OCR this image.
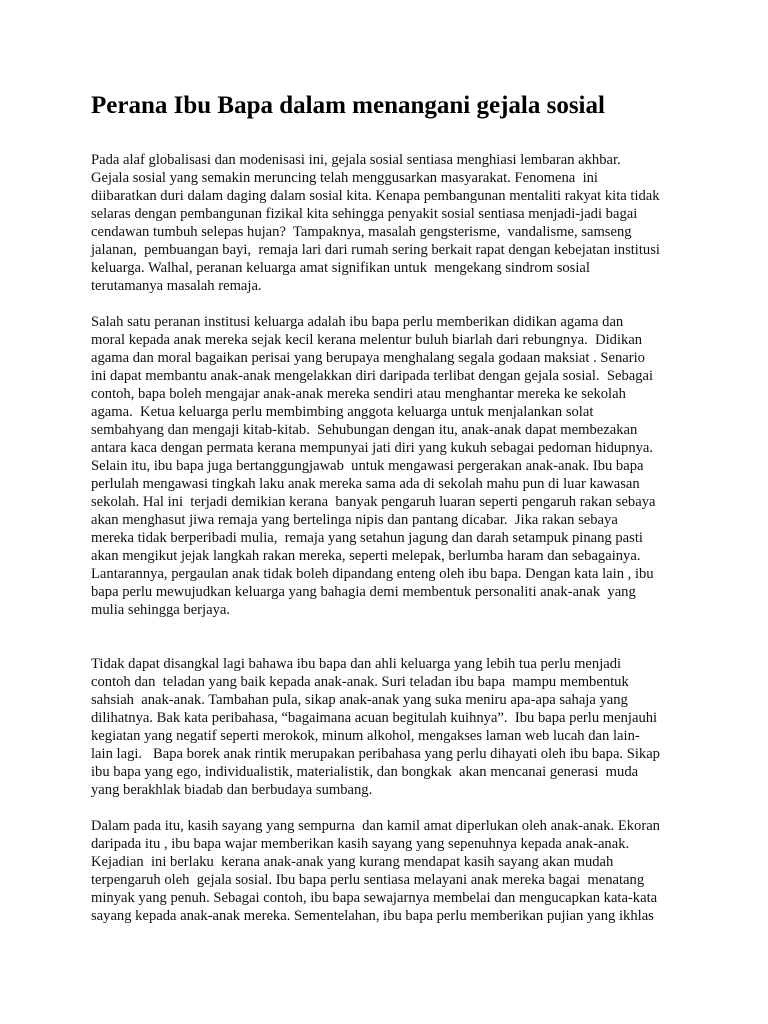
Perana Ibu Bapa dalam menangani gejala sosial
Pada alaf globalisasi dan modenisasi ini, gejala sosial sentiasa menghiasi lembaran akhbar.
Gejala sosial yang semakin meruncing telah menggusarkan masyarakat. Fenomena  ini
diibaratkan duri dalam daging dalam sosial kita. Kenapa pembangunan mentaliti rakyat kita tidak
selaras dengan pembangunan fizikal kita sehingga penyakit sosial sentiasa menjadi-jadi bagai
cendawan tumbuh selepas hujan?  Tampaknya, masalah gengsterisme,  vandalisme, samseng
jalanan,  pembuangan bayi,  remaja lari dari rumah sering berkait rapat dengan kebejatan institusi
keluarga. Walhal, peranan keluarga amat signifikan untuk  mengekang sindrom sosial
terutamanya masalah remaja.
Salah satu peranan institusi keluarga adalah ibu bapa perlu memberikan didikan agama dan
moral kepada anak mereka sejak kecil kerana melentur buluh biarlah dari rebungnya.  Didikan
agama dan moral bagaikan perisai yang berupaya menghalang segala godaan maksiat . Senario
ini dapat membantu anak-anak mengelakkan diri daripada terlibat dengan gejala sosial.  Sebagai
contoh, bapa boleh mengajar anak-anak mereka sendiri atau menghantar mereka ke sekolah
agama.  Ketua keluarga perlu membimbing anggota keluarga untuk menjalankan solat
sembahyang dan mengaji kitab-kitab.  Sehubungan dengan itu, anak-anak dapat membezakan
antara kaca dengan permata kerana mempunyai jati diri yang kukuh sebagai pedoman hidupnya.
Selain itu, ibu bapa juga bertanggungjawab  untuk mengawasi pergerakan anak-anak. Ibu bapa
perlulah mengawasi tingkah laku anak mereka sama ada di sekolah mahu pun di luar kawasan
sekolah. Hal ini  terjadi demikian kerana  banyak pengaruh luaran seperti pengaruh rakan sebaya
akan menghasut jiwa remaja yang bertelinga nipis dan pantang dicabar.  Jika rakan sebaya
mereka tidak berperibadi mulia,  remaja yang setahun jagung dan darah setampuk pinang pasti
akan mengikut jejak langkah rakan mereka, seperti melepak, berlumba haram dan sebagainya.
Lantarannya, pergaulan anak tidak boleh dipandang enteng oleh ibu bapa. Dengan kata lain , ibu
bapa perlu mewujudkan keluarga yang bahagia demi membentuk personaliti anak-anak  yang
mulia sehingga berjaya.
Tidak dapat disangkal lagi bahawa ibu bapa dan ahli keluarga yang lebih tua perlu menjadi
contoh dan  teladan yang baik kepada anak-anak. Suri teladan ibu bapa  mampu membentuk
sahsiah  anak-anak. Tambahan pula, sikap anak-anak yang suka meniru apa-apa sahaja yang
dilihatnya. Bak kata peribahasa, “bagaimana acuan begitulah kuihnya”.  Ibu bapa perlu menjauhi
kegiatan yang negatif seperti merokok, minum alkohol, mengakses laman web lucah dan lain-
lain lagi.   Bapa borek anak rintik merupakan peribahasa yang perlu dihayati oleh ibu bapa. Sikap
ibu bapa yang ego, individualistik, materialistik, dan bongkak  akan mencanai generasi  muda
yang berakhlak biadab dan berbudaya sumbang.
Dalam pada itu, kasih sayang yang sempurna  dan kamil amat diperlukan oleh anak-anak. Ekoran
daripada itu , ibu bapa wajar memberikan kasih sayang yang sepenuhnya kepada anak-anak.
Kejadian  ini berlaku  kerana anak-anak yang kurang mendapat kasih sayang akan mudah
terpengaruh oleh  gejala sosial. Ibu bapa perlu sentiasa melayani anak mereka bagai  menatang
minyak yang penuh. Sebagai contoh, ibu bapa sewajarnya membelai dan mengucapkan kata-kata
sayang kepada anak-anak mereka. Sementelahan, ibu bapa perlu memberikan pujian yang ikhlas
